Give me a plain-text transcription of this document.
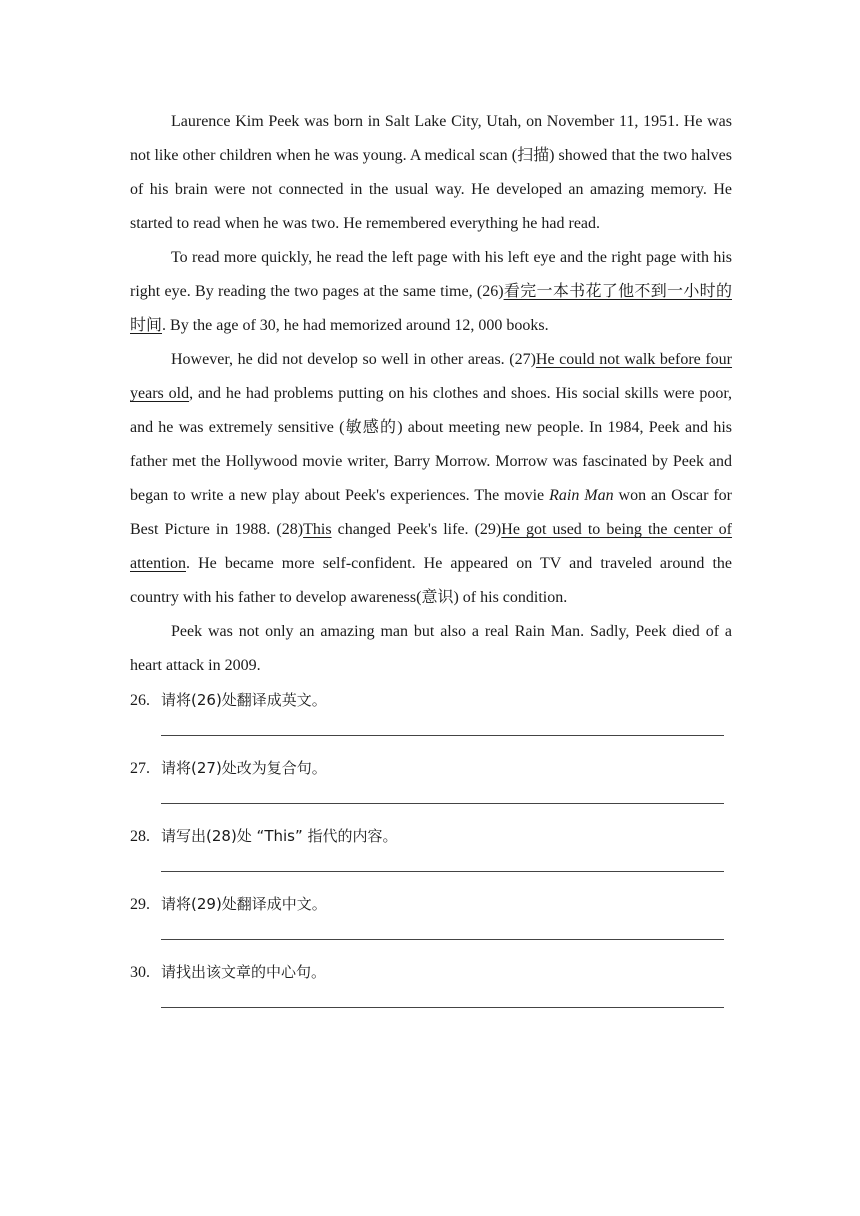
Laurence Kim Peek was born in Salt Lake City, Utah, on November 11, 1951. He was not like other children when he was young. A medical scan (扫描) showed that the two halves of his brain were not connected in the usual way. He developed an amazing memory. He started to read when he was two. He remembered everything he had read.

To read more quickly, he read the left page with his left eye and the right page with his right eye. By reading the two pages at the same time, (26)看完一本书花了他不到一小时的时间. By the age of 30, he had memorized around 12, 000 books.

However, he did not develop so well in other areas. (27)He could not walk before four years old, and he had problems putting on his clothes and shoes. His social skills were poor, and he was extremely sensitive (敏感的) about meeting new people. In 1984, Peek and his father met the Hollywood movie writer, Barry Morrow. Morrow was fascinated by Peek and began to write a new play about Peek's experiences. The movie Rain Man won an Oscar for Best Picture in 1988. (28)This changed Peek's life. (29)He got used to being the center of attention. He became more self-confident. He appeared on TV and traveled around the country with his father to develop awareness(意识) of his condition.

Peek was not only an amazing man but also a real Rain Man. Sadly, Peek died of a heart attack in 2009.

26. 请将(26)处翻译成英文。
27. 请将(27)处改为复合句。
28. 请写出(28)处 “This” 指代的内容。
29. 请将(29)处翻译成中文。
30. 请找出该文章的中心句。
